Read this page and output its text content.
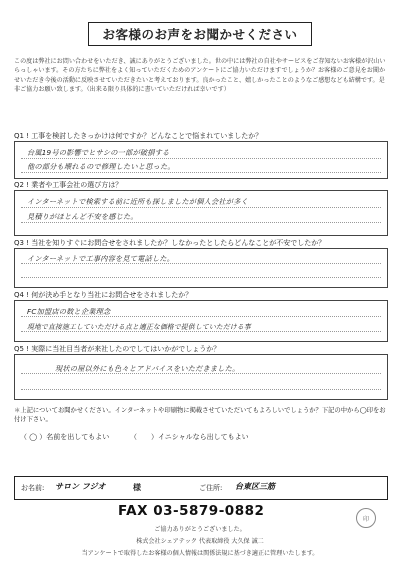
お客様のお声をお聞かせください
この度は弊社にお問い合わせをいただき、誠にありがとうございました。世の中には弊社の自社やサービスをご存知ないお客様が沢山いらっしゃいます。その方たちに弊社をよく知っていただくためのアンケートにご協力いただけますでしょうか？お客様のご意見をお聞かせいただき今後の活動に反映させていただきたいと考えております。良かったこと、嬉しかったことのようなご感想なども結構です。是非ご協力お願い致します。（出来る限り具体的に書いていただければ幸いです）
Q1 ! 工事を検討したきっかけは何ですか？どんなことで悩まれていましたか？
台風19号の影響でヒサシの一部が破損する
他の部分も壊れるので修理したいと思った。
Q2 ! 業者や工事会社の選び方は？
インターネットで検索する前に近所も探しましたが個人会社が多く
見積りがほとんど不安を感じた。
Q3 ! 当社を知りすぐにお問合せをされましたか？しなかったとしたらどんなことが不安でしたか？
インターネットで工事内容を見て電話した。
Q4 ! 何が決め手となり当社にお問合せをされましたか？
FC加盟店の数と企業理念
現地で直接施工していただける点と適正な価格で提供していただける事
Q5 ! 実際に当社目当者が来社したのでしてはいかがでしょうか？
現状の屋以外にも色々とアドバイスをいただきました。
＊上記についてお聞かせください。インターネットや印刷物に掲載させていただいてもよろしいでしょうか？下記の中から◯印をお付け下さい。
（ ◯ ）名前を出してもよい	（　　）イニシャルなら出してもよい
お名前: サロン フジオ	様	ご住所: 台東区三筋
FAX 03-5879-0882
ご協力ありがとうございました。
株式会社シェアテック 代表取締役 大久保 誠二
当アンケートで取得したお客様の個人情報は関係法規に基づき適正に管理いたします。
印
